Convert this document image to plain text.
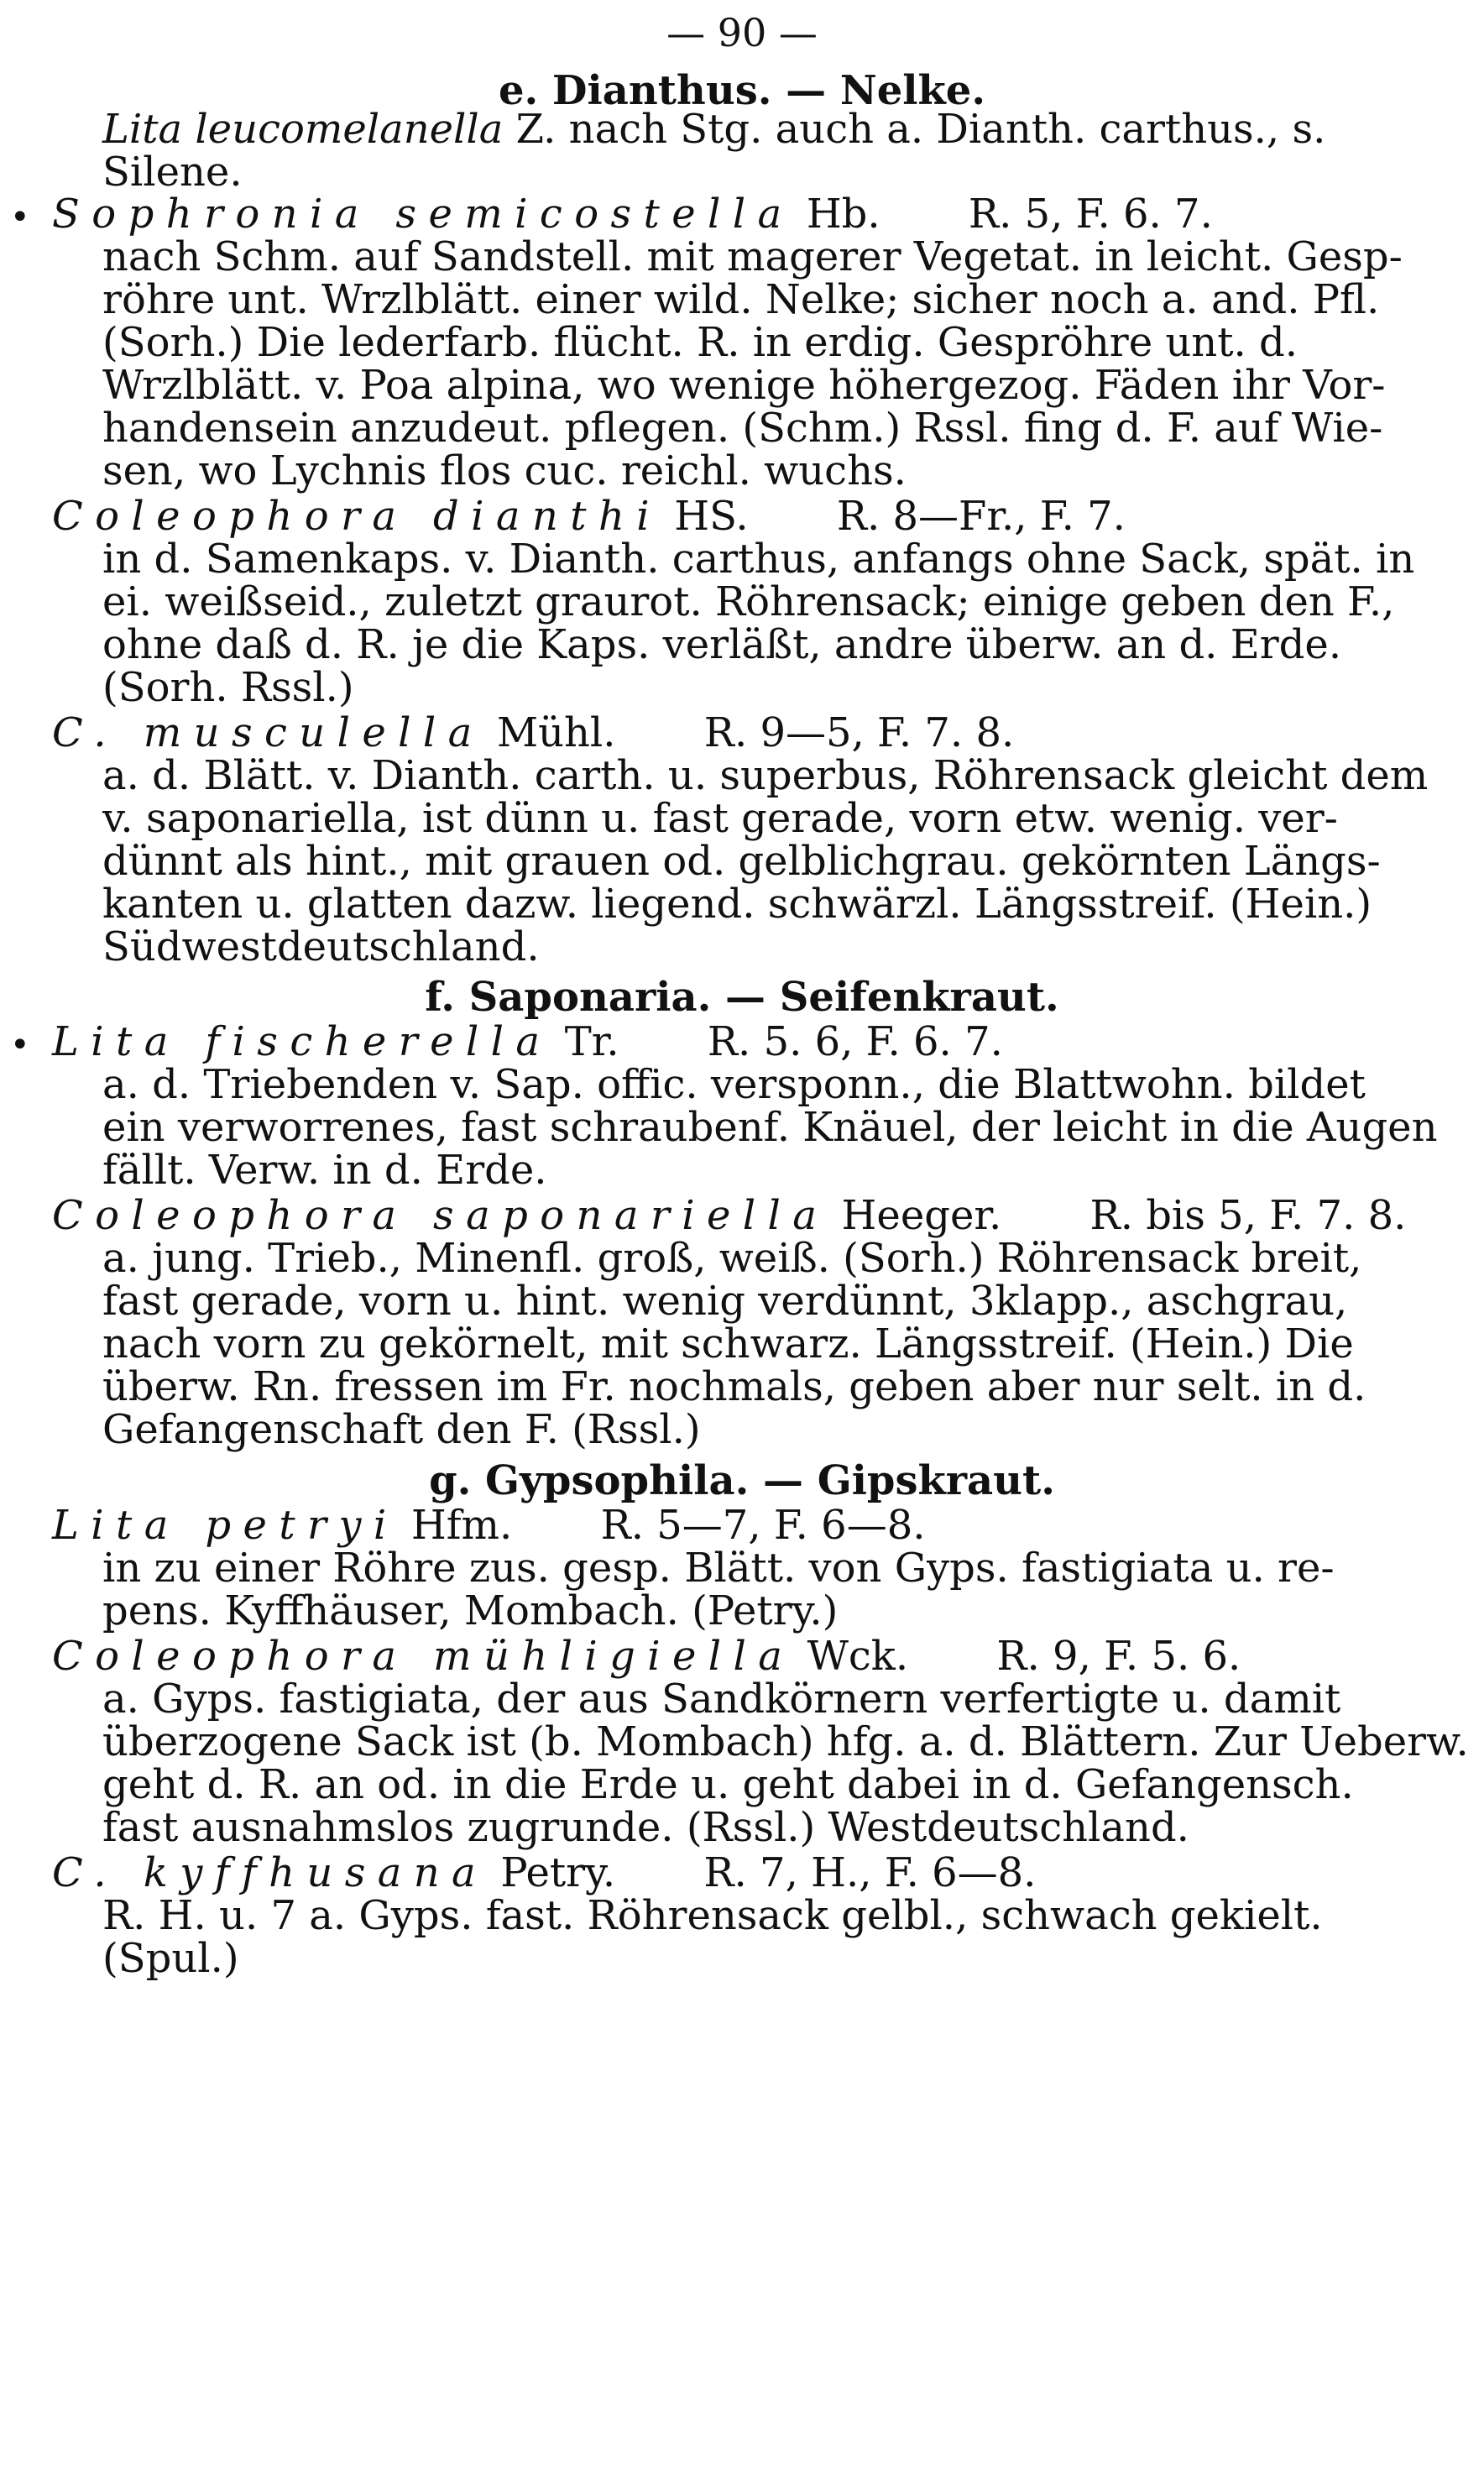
— 90 —
e. Dianthus. — Nelke.
Lita leucomelanella Z. nach Stg. auch a. Dianth. carthus., s.
Silene.
• Sophronia semicostella Hb. R. 5, F. 6. 7.
nach Schm. auf Sandstell. mit magerer Vegetat. in leicht. Gesp-
röhre unt. Wrzlblätt. einer wild. Nelke; sicher noch a. and. Pfl.
(Sorh.) Die lederfarb. flücht. R. in erdig. Gespröhre unt. d.
Wrzlblätt. v. Poa alpina, wo wenige höhergezog. Fäden ihr Vor-
handensein anzudeut. pflegen. (Schm.) Rssl. fing d. F. auf Wie-
sen, wo Lychnis flos cuc. reichl. wuchs.
Coleophora dianthi HS. R. 8—Fr., F. 7.
in d. Samenkaps. v. Dianth. carthus, anfangs ohne Sack, spät. in
ei. weißseid., zuletzt graurot. Röhrensack; einige geben den F.,
ohne daß d. R. je die Kaps. verläßt, andre überw. an d. Erde.
(Sorh. Rssl.)
C. musculella Mühl. R. 9—5, F. 7. 8.
a. d. Blätt. v. Dianth. carth. u. superbus, Röhrensack gleicht dem
v. saponariella, ist dünn u. fast gerade, vorn etw. wenig. ver-
dünnt als hint., mit grauen od. gelblichgrau. gekörnten Längs-
kanten u. glatten dazw. liegend. schwärzl. Längsstreif. (Hein.)
Südwestdeutschland.
f. Saponaria. — Seifenkraut.
• Lita fischerella Tr. R. 5. 6, F. 6. 7.
a. d. Triebenden v. Sap. offic. versponn., die Blattwohn. bildet
ein verworrenes, fast schraubenf. Knäuel, der leicht in die Augen
fällt. Verw. in d. Erde.
Coleophora saponariella Heeger. R. bis 5, F. 7. 8.
a. jung. Trieb., Minenfl. groß, weiß. (Sorh.) Röhrensack breit,
fast gerade, vorn u. hint. wenig verdünnt, 3klapp., aschgrau,
nach vorn zu gekörnelt, mit schwarz. Längsstreif. (Hein.) Die
überw. Rn. fressen im Fr. nochmals, geben aber nur selt. in d.
Gefangenschaft den F. (Rssl.)
g. Gypsophila. — Gipskraut.
Lita petryi Hfm. R. 5—7, F. 6—8.
in zu einer Röhre zus. gesp. Blätt. von Gyps. fastigiata u. re-
pens. Kyffhäuser, Mombach. (Petry.)
Coleophora mühligiella Wck. R. 9, F. 5. 6.
a. Gyps. fastigiata, der aus Sandkörnern verfertigte u. damit
überzogene Sack ist (b. Mombach) hfg. a. d. Blättern. Zur Ueberw.
geht d. R. an od. in die Erde u. geht dabei in d. Gefangensch.
fast ausnahmslos zugrunde. (Rssl.) Westdeutschland.
C. kyffhusana Petry. R. 7, H., F. 6—8.
R. H. u. 7 a. Gyps. fast. Röhrensack gelbl., schwach gekielt.
(Spul.)
